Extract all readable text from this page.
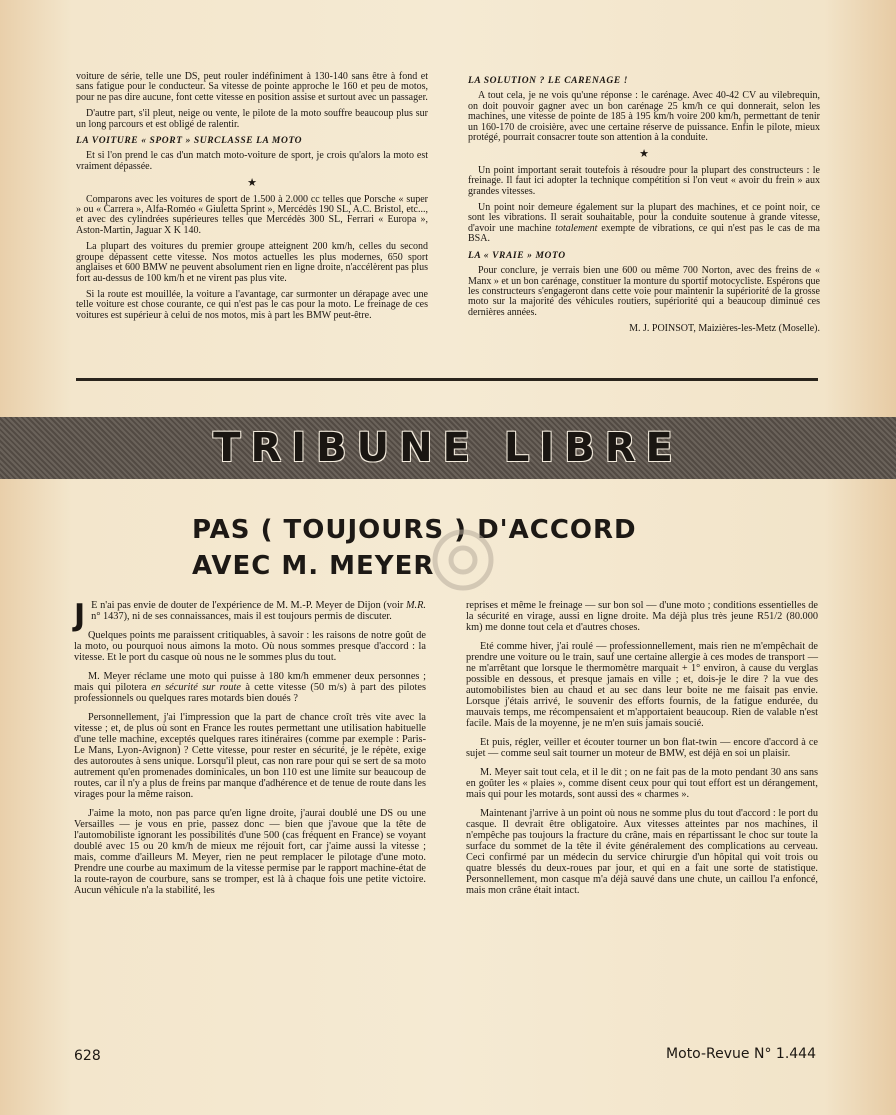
voiture de série, telle une DS, peut rouler indéfiniment à 130-140 sans être à fond et sans fatigue pour le conducteur. Sa vitesse de pointe approche le 160 et peu de motos, pour ne pas dire aucune, font cette vitesse en position assise et surtout avec un passager.

D'autre part, s'il pleut, neige ou vente, le pilote de la moto souffre beaucoup plus sur un long parcours et est obligé de ralentir.

LA VOITURE « SPORT » SURCLASSE LA MOTO

Et si l'on prend le cas d'un match moto-voiture de sport, je crois qu'alors la moto est vraiment dépassée.

★

Comparons avec les voitures de sport de 1.500 à 2.000 cc telles que Porsche « super » ou « Carrera », Alfa-Roméo « Giuletta Sprint », Mercédès 190 SL, A.C. Bristol, etc..., et avec des cylindrées supérieures telles que Mercédès 300 SL, Ferrari « Europa », Aston-Martin, Jaguar X K 140.

La plupart des voitures du premier groupe atteignent 200 km/h, celles du second groupe dépassent cette vitesse. Nos motos actuelles les plus modernes, 650 sport anglaises et 600 BMW ne peuvent absolument rien en ligne droite, n'accélèrent pas plus fort au-dessus de 100 km/h et ne virent pas plus vite.

Si la route est mouillée, la voiture a l'avantage, car surmonter un dérapage avec une telle voiture est chose courante, ce qui n'est pas le cas pour la moto. Le freinage de ces voitures est supérieur à celui de nos motos, mis à part les BMW peut-être.

LA SOLUTION ? LE CARENAGE !

A tout cela, je ne vois qu'une réponse : le carénage. Avec 40-42 CV au vilebrequin, on doit pouvoir gagner avec un bon carénage 25 km/h ce qui donnerait, selon les machines, une vitesse de pointe de 185 à 195 km/h voire 200 km/h, permettant de tenir un 160-170 de croisière, avec une certaine réserve de puissance. Enfin le pilote, mieux protégé, pourrait consacrer toute son attention à la conduite.

★

Un point important serait toutefois à résoudre pour la plupart des constructeurs : le freinage. Il faut ici adopter la technique compétition si l'on veut « avoir du frein » aux grandes vitesses.

Un point noir demeure également sur la plupart des machines, et ce point noir, ce sont les vibrations. Il serait souhaitable, pour la conduite soutenue à grande vitesse, d'avoir une machine totalement exempte de vibrations, ce qui n'est pas le cas de ma BSA.

LA « VRAIE » MOTO

Pour conclure, je verrais bien une 600 ou même 700 Norton, avec des freins de « Manx » et un bon carénage, constituer la monture du sportif motocycliste. Espérons que les constructeurs s'engageront dans cette voie pour maintenir la supériorité de la grosse moto sur la majorité des véhicules routiers, supériorité qui a beaucoup diminué ces dernières années.

M. J. POINSOT, Maizières-les-Metz (Moselle).

TRIBUNE LIBRE
PAS ( TOUJOURS ) D'ACCORD
AVEC M. MEYER

J E n'ai pas envie de douter de l'expérience de M. M.-P. Meyer de Dijon (voir M.R. n° 1437), ni de ses connaissances, mais il est toujours permis de discuter.

Quelques points me paraissent critiquables, à savoir : les raisons de notre goût de la moto, ou pourquoi nous aimons la moto. Où nous sommes presque d'accord : la vitesse. Et le port du casque où nous ne le sommes plus du tout.

M. Meyer réclame une moto qui puisse à 180 km/h emmener deux personnes ; mais qui pilotera en sécurité sur route à cette vitesse (50 m/s) à part des pilotes professionnels ou quelques rares motards bien doués ?

Personnellement, j'ai l'impression que la part de chance croît très vite avec la vitesse ; et, de plus où sont en France les routes permettant une utilisation habituelle d'une telle machine, exceptés quelques rares itinéraires (comme par exemple : Paris-Le Mans, Lyon-Avignon) ? Cette vitesse, pour rester en sécurité, je le répète, exige des autoroutes à sens unique. Lorsqu'il pleut, cas non rare pour qui se sert de sa moto autrement qu'en promenades dominicales, un bon 110 est une limite sur beaucoup de routes, car il n'y a plus de freins par manque d'adhérence et de tenue de route dans les virages pour la même raison.

J'aime la moto, non pas parce qu'en ligne droite, j'aurai doublé une DS ou une Versailles — je vous en prie, passez donc — bien que j'avoue que la tête de l'automobiliste ignorant les possibilités d'une 500 (cas fréquent en France) se voyant doublé avec 15 ou 20 km/h de mieux me réjouit fort, car j'aime aussi la vitesse ; mais, comme d'ailleurs M. Meyer, rien ne peut remplacer le pilotage d'une moto. Prendre une courbe au maximum de la vitesse permise par le rapport machine-état de la route-rayon de courbure, sans se tromper, est là à chaque fois une petite victoire. Aucun véhicule n'a la stabilité, les

reprises et même le freinage — sur bon sol — d'une moto ; conditions essentielles de la sécurité en virage, aussi en ligne droite. Ma déjà plus très jeune R51/2 (80.000 km) me donne tout cela et d'autres choses.

Eté comme hiver, j'ai roulé — professionnellement, mais rien ne m'empêchait de prendre une voiture ou le train, sauf une certaine allergie à ces modes de transport — ne m'arrêtant que lorsque le thermomètre marquait + 1° environ, à cause du verglas possible en dessous, et presque jamais en ville ; et, dois-je le dire ? la vue des automobilistes bien au chaud et au sec dans leur boite ne me faisait pas envie. Lorsque j'étais arrivé, le souvenir des efforts fournis, de la fatigue endurée, du mauvais temps, me récompensaient et m'apportaient beaucoup. Rien de valable n'est facile. Mais de la moyenne, je ne m'en suis jamais soucié.

Et puis, régler, veiller et écouter tourner un bon flat-twin — encore d'accord à ce sujet — comme seul sait tourner un moteur de BMW, est déjà en soi un plaisir.

M. Meyer sait tout cela, et il le dit ; on ne fait pas de la moto pendant 30 ans sans en goûter les « plaies », comme disent ceux pour qui tout effort est un dérangement, mais qui pour les motards, sont aussi des « charmes ».

Maintenant j'arrive à un point où nous ne somme plus du tout d'accord : le port du casque. Il devrait être obligatoire. Aux vitesses atteintes par nos machines, il n'empêche pas toujours la fracture du crâne, mais en répartissant le choc sur toute la surface du sommet de la tête il évite généralement des complications au cerveau. Ceci confirmé par un médecin du service chirurgie d'un hôpital qui voit trois ou quatre blessés du deux-roues par jour, et qui en a fait une sorte de statistique. Personnellement, mon casque m'a déjà sauvé dans une chute, un caillou l'a enfoncé, mais mon crâne était intact.

628	Moto-Revue N° 1.444
